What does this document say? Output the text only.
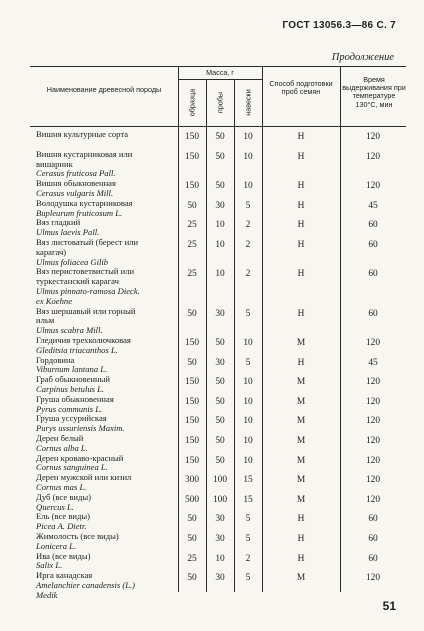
ГОСТ 13056.3—86 С. 7
Продолжение
Наименование древесной породы
Масса, г
образца	пробы	навески
Способ подготовки проб семян
Время выдерживания при температуре 130°С, мин
Вишня культурные сорта	150	50	10	Н	120
Вишня кустарниковая или
вишарник
Cerasus fruticosa Pall.
150	50	10	Н	120
Вишня обыкновенная
Cerasus vulgaris Mill.
150	50	10	Н	120
Володушка кустарниковая
Bupleurum fruticosum L.
50	30	5	Н	45
Вяз гладкий
Ulmus laevis Pall.
25	10	2	Н	60
Вяз листоватый (берест или
карагач)
Ulmus foliacea Gilib
25	10	2	Н	60
Вяз перистоветвистый или
туркестанский карагач
Ulmus pinnato-ramosa Dieck.
ex Koehne
25	10	2	Н	60
Вяз шершавый или горный
ильм
Ulmus scabra Mill.
50	30	5	Н	60
Гледичия трехколючковая
Gleditsia triacanthos L.
150	50	10	М	120
Гордовина
Viburnum lantana L.
50	30	5	Н	45
Граб обыкновенный
Carpinus betulus L.
150	50	10	М	120
Груша обыкновенная
Pyrus communis L.
150	50	10	М	120
Груша уссурийская
Purys ussuriensis Maxim.
150	50	10	М	120
Дерен белый
Cornus alba L.
150	50	10	М	120
Дерен кроваво-красный
Cornus sanguinea L.
150	50	10	М	120
Дерен мужской или кизил
Cornus mas L.
300	100	15	М	120
Дуб (все виды)
Quercus L.
500	100	15	М	120
Ель (все виды)
Picea A. Dietr.
50	30	5	Н	60
Жимолость (все виды)
Lonicera L.
50	30	5	Н	60
Ива (все виды)
Salix L.
25	10	2	Н	60
Ирга канадская
Amelanchier canadensis (L.)
Medik
50	30	5	М	120
51
